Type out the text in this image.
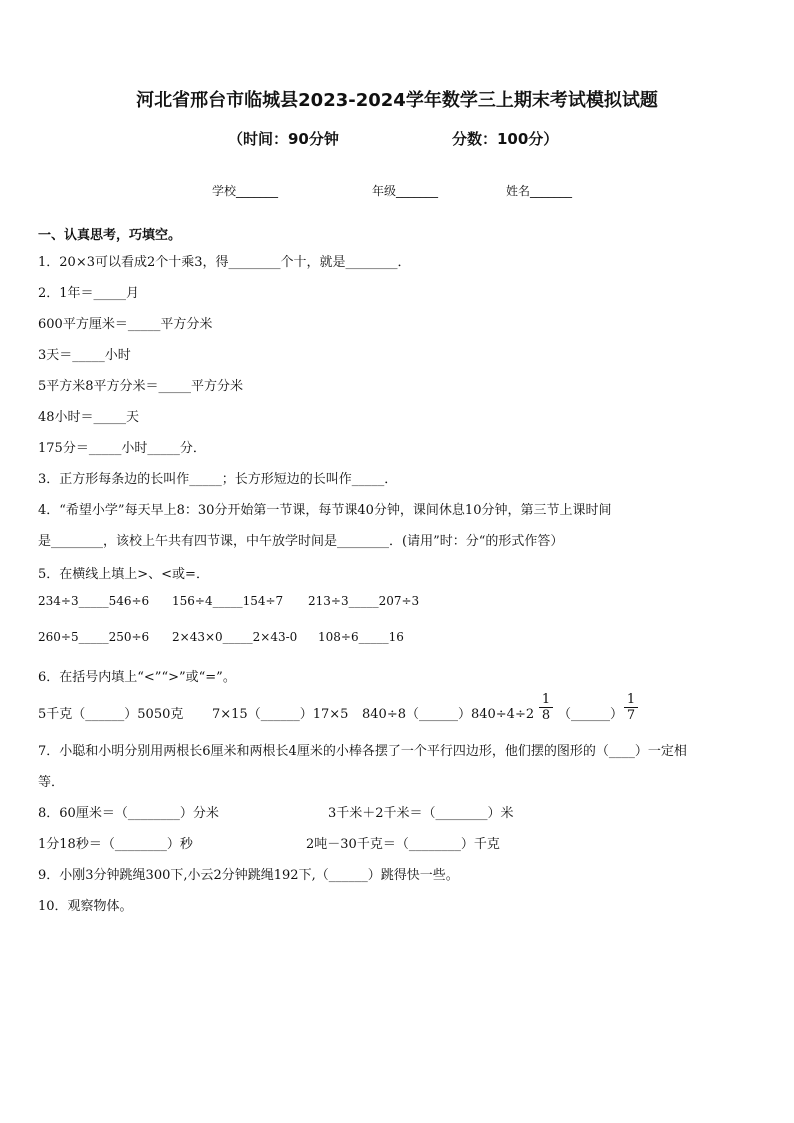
河北省邢台市临城县2023-2024学年数学三上期末考试模拟试题
（时间：90分钟	分数：100分）
学校_______	年级_______	姓名_______
一、认真思考，巧填空。
1．20×3可以看成2个十乘3，得________个十，就是________．
2．1年＝_____月
600平方厘米＝_____平方分米
3天＝_____小时
5平方米8平方分米＝_____平方分米
48小时＝_____天
175分＝_____小时_____分．
3．正方形每条边的长叫作_____；长方形短边的长叫作_____．
4．“希望小学”每天早上8：30分开始第一节课，每节课40分钟，课间休息10分钟，第三节上课时间
是________，该校上午共有四节课，中午放学时间是________．(请用”时：分“的形式作答）
5．在横线上填上>、<或=．
234÷3_____546÷6 156÷4_____154÷7 213÷3_____207÷3
260÷5_____250÷6 2×43×0_____2×43-0 108÷6_____16
6．在括号内填上“<”“>”或“=”。
5千克（______）5050克 7×15（______）17×5 840÷8（______）840÷4÷2 $\frac{1}{8}$ （______） $\frac{1}{7}$
7．小聪和小明分别用两根长6厘米和两根长4厘米的小棒各摆了一个平行四边形，他们摆的图形的（____）一定相
等．
8．60厘米＝（________）分米	3千米＋2千米＝（________）米
1分18秒＝（________）秒	2吨－30千克＝（________）千克
9．小刚3分钟跳绳300下,小云2分钟跳绳192下,（______）跳得快一些。
10．观察物体。
